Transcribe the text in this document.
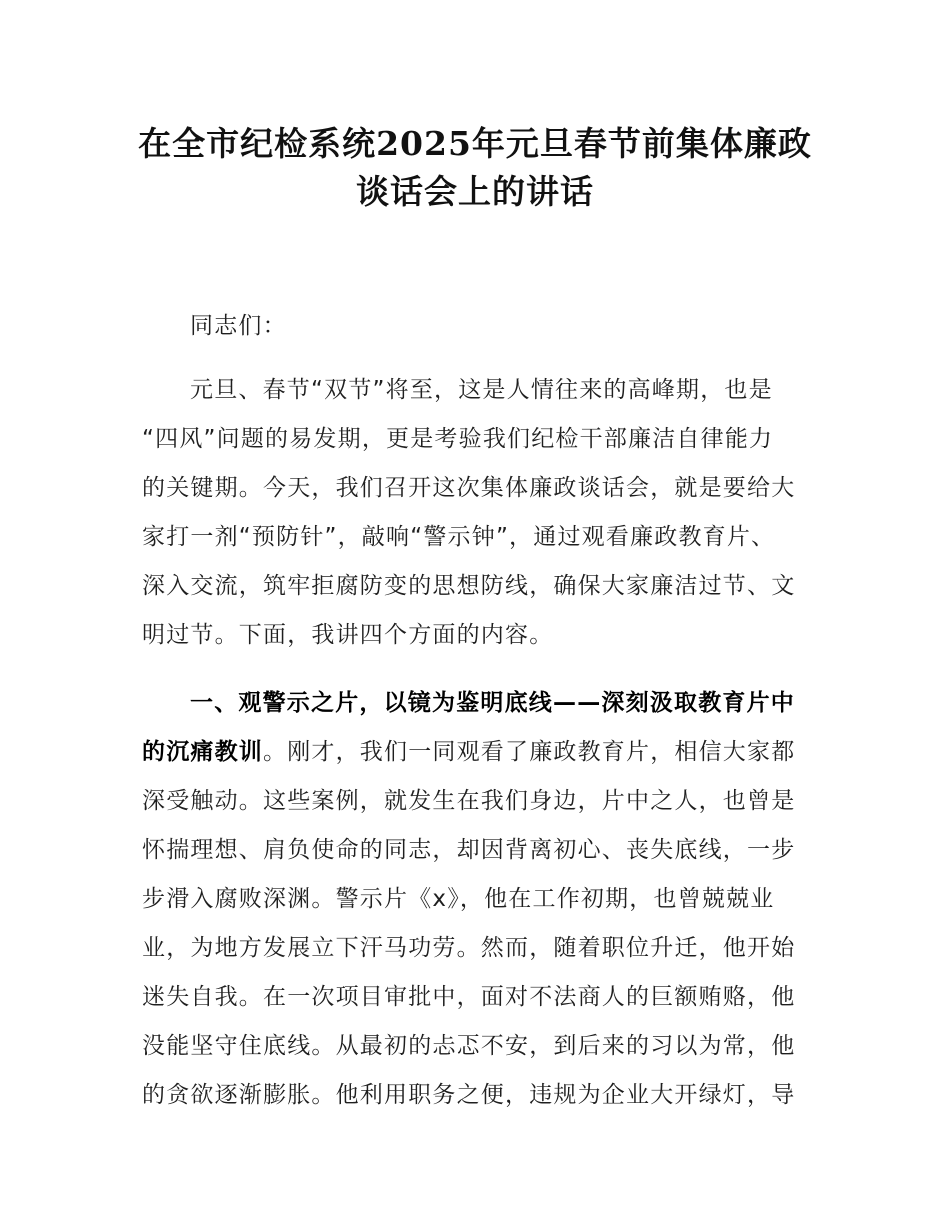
在全市纪检系统2025年元旦春节前集体廉政
谈话会上的讲话
同志们：
元旦、春节“双节”将至，这是人情往来的高峰期，也是
“四风”问题的易发期，更是考验我们纪检干部廉洁自律能力
的关键期。今天，我们召开这次集体廉政谈话会，就是要给大
家打一剂“预防针”，敲响“警示钟”，通过观看廉政教育片、
深入交流，筑牢拒腐防变的思想防线，确保大家廉洁过节、文
明过节。下面，我讲四个方面的内容。
一、观警示之片，以镜为鉴明底线——深刻汲取教育片中
的沉痛教训。刚才，我们一同观看了廉政教育片，相信大家都
深受触动。这些案例，就发生在我们身边，片中之人，也曾是
怀揣理想、肩负使命的同志，却因背离初心、丧失底线，一步
步滑入腐败深渊。警示片《x》，他在工作初期，也曾兢兢业
业，为地方发展立下汗马功劳。然而，随着职位升迁，他开始
迷失自我。在一次项目审批中，面对不法商人的巨额贿赂，他
没能坚守住底线。从最初的忐忑不安，到后来的习以为常，他
的贪欲逐渐膨胀。他利用职务之便，违规为企业大开绿灯，导
